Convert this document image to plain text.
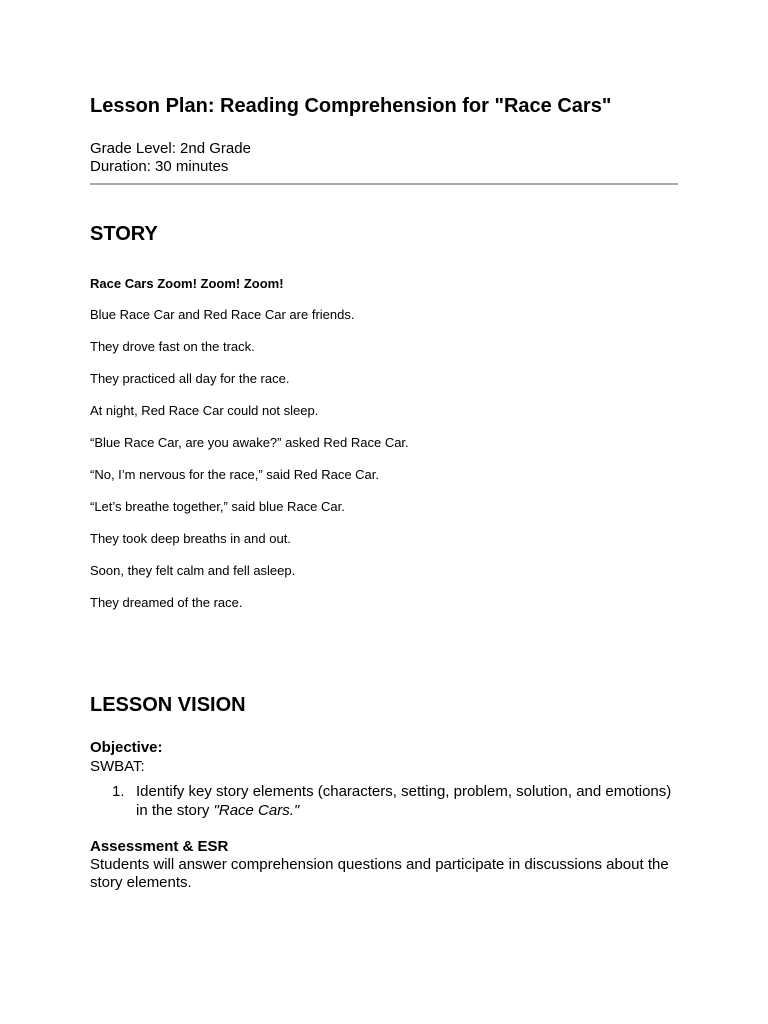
Lesson Plan: Reading Comprehension for "Race Cars"
Grade Level: 2nd Grade
Duration: 30 minutes
STORY
Race Cars Zoom! Zoom! Zoom!
Blue Race Car and Red Race Car are friends.
They drove fast on the track.
They practiced all day for the race.
At night, Red Race Car could not sleep.
“Blue Race Car, are you awake?” asked Red Race Car.
“No, I’m nervous for the race,” said Red Race Car.
“Let’s breathe together,” said blue Race Car.
They took deep breaths in and out.
Soon, they felt calm and fell asleep.
They dreamed of the race.
LESSON VISION
Objective:
SWBAT:
1. Identify key story elements (characters, setting, problem, solution, and emotions) in the story "Race Cars."
Assessment & ESR
Students will answer comprehension questions and participate in discussions about the story elements.
